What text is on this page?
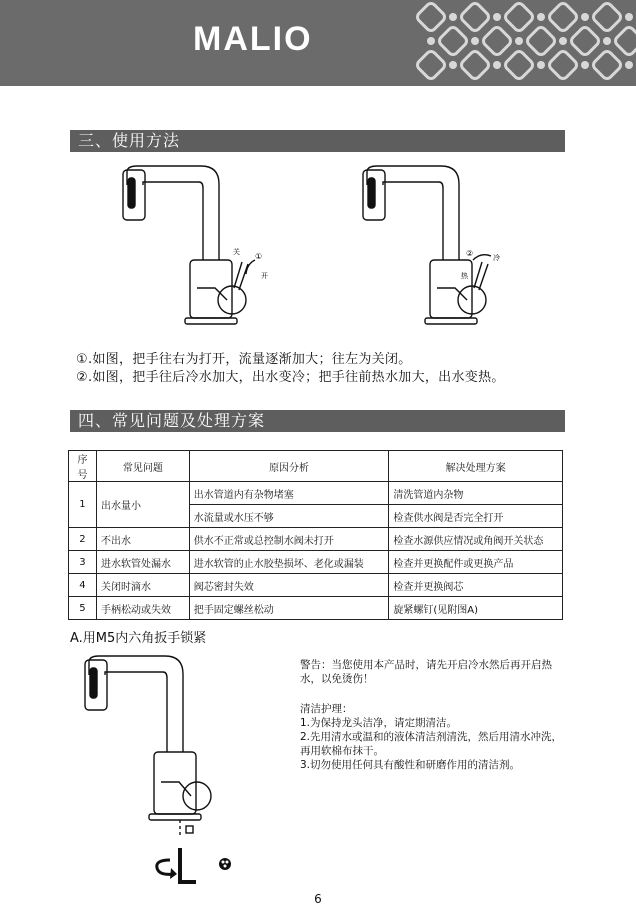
MALIO
三、使用方法
关 ①
开
②	冷
热
①.如图，把手往右为打开，流量逐渐加大；往左为关闭。
②.如图，把手往后冷水加大，出水变冷；把手往前热水加大，出水变热。
四、常见问题及处理方案
序号	常见问题	原因分析	解决处理方案
1	出水量小	出水管道内有杂物堵塞	清洗管道内杂物
		水流量或水压不够	检查供水阀是否完全打开
2	不出水	供水不正常或总控制水阀未打开	检查水源供应情况或角阀开关状态
3	进水软管处漏水	进水软管的止水胶垫损坏、老化或漏装	检查并更换配件或更换产品
4	关闭时滴水	阀芯密封失效	检查并更换阀芯
5	手柄松动或失效	把手固定螺丝松动	旋紧螺钉(见附图A)
A.用M5内六角扳手锁紧
警告：当您使用本产品时，请先开启冷水然后再开启热水，以免烫伤！
清洁护理：
1.为保持龙头洁净，请定期清洁。
2.先用清水或温和的液体清洁剂清洗，然后用清水冲洗，再用软棉布抹干。
3.切勿使用任何具有酸性和研磨作用的清洁剂。
6
